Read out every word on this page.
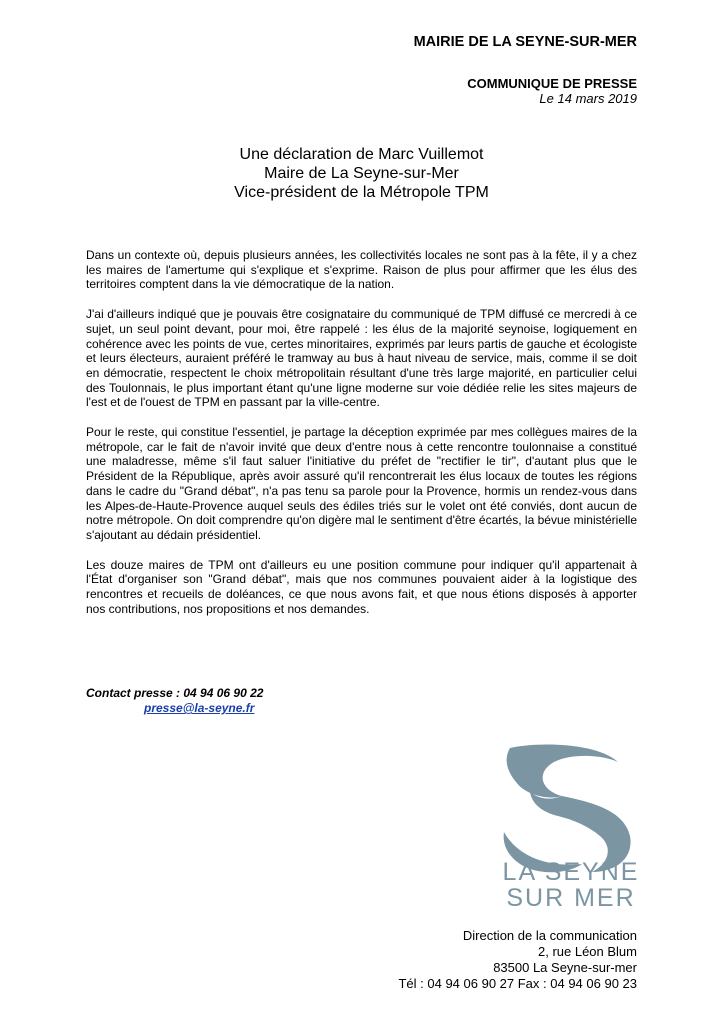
MAIRIE DE LA SEYNE-SUR-MER
COMMUNIQUE DE PRESSE
Le 14 mars 2019
Une déclaration de Marc Vuillemot
Maire de La Seyne-sur-Mer
Vice-président de la Métropole TPM

Dans un contexte où, depuis plusieurs années, les collectivités locales ne sont pas à la fête, il y a chez les maires de l'amertume qui s'explique et s'exprime. Raison de plus pour affirmer que les élus des territoires comptent dans la vie démocratique de la nation.

J'ai d'ailleurs indiqué que je pouvais être cosignataire du communiqué de TPM diffusé ce mercredi à ce sujet, un seul point devant, pour moi, être rappelé : les élus de la majorité seynoise, logiquement en cohérence avec les points de vue, certes minoritaires, exprimés par leurs partis de gauche et écologiste et leurs électeurs, auraient préféré le tramway au bus à haut niveau de service, mais, comme il se doit en démocratie, respectent le choix métropolitain résultant d'une très large majorité, en particulier celui des Toulonnais, le plus important étant qu'une ligne moderne sur voie dédiée relie les sites majeurs de l'est et de l'ouest de TPM en passant par la ville-centre.

Pour le reste, qui constitue l'essentiel, je partage la déception exprimée par mes collègues maires de la métropole, car le fait de n'avoir invité que deux d'entre nous à cette rencontre toulonnaise a constitué une maladresse, même s'il faut saluer l'initiative du préfet de "rectifier le tir", d'autant plus que le Président de la République, après avoir assuré qu'il rencontrerait les élus locaux de toutes les régions dans le cadre du "Grand débat", n'a pas tenu sa parole pour la Provence, hormis un rendez-vous dans les Alpes-de-Haute-Provence auquel seuls des édiles triés sur le volet ont été conviés, dont aucun de notre métropole. On doit comprendre qu'on digère mal le sentiment d'être écartés, la bévue ministérielle s'ajoutant au dédain présidentiel.

Les douze maires de TPM ont d'ailleurs eu une position commune pour indiquer qu'il appartenait à l'État d'organiser son "Grand débat", mais que nos communes pouvaient aider à la logistique des rencontres et recueils de doléances, ce que nous avons fait, et que nous étions disposés à apporter nos contributions, nos propositions et nos demandes.

Contact presse : 04 94 06 90 22
presse@la-seyne.fr
LA SEYNE
SUR MER
Direction de la communication
2, rue Léon Blum
83500 La Seyne-sur-mer
Tél : 04 94 06 90 27 Fax : 04 94 06 90 23
